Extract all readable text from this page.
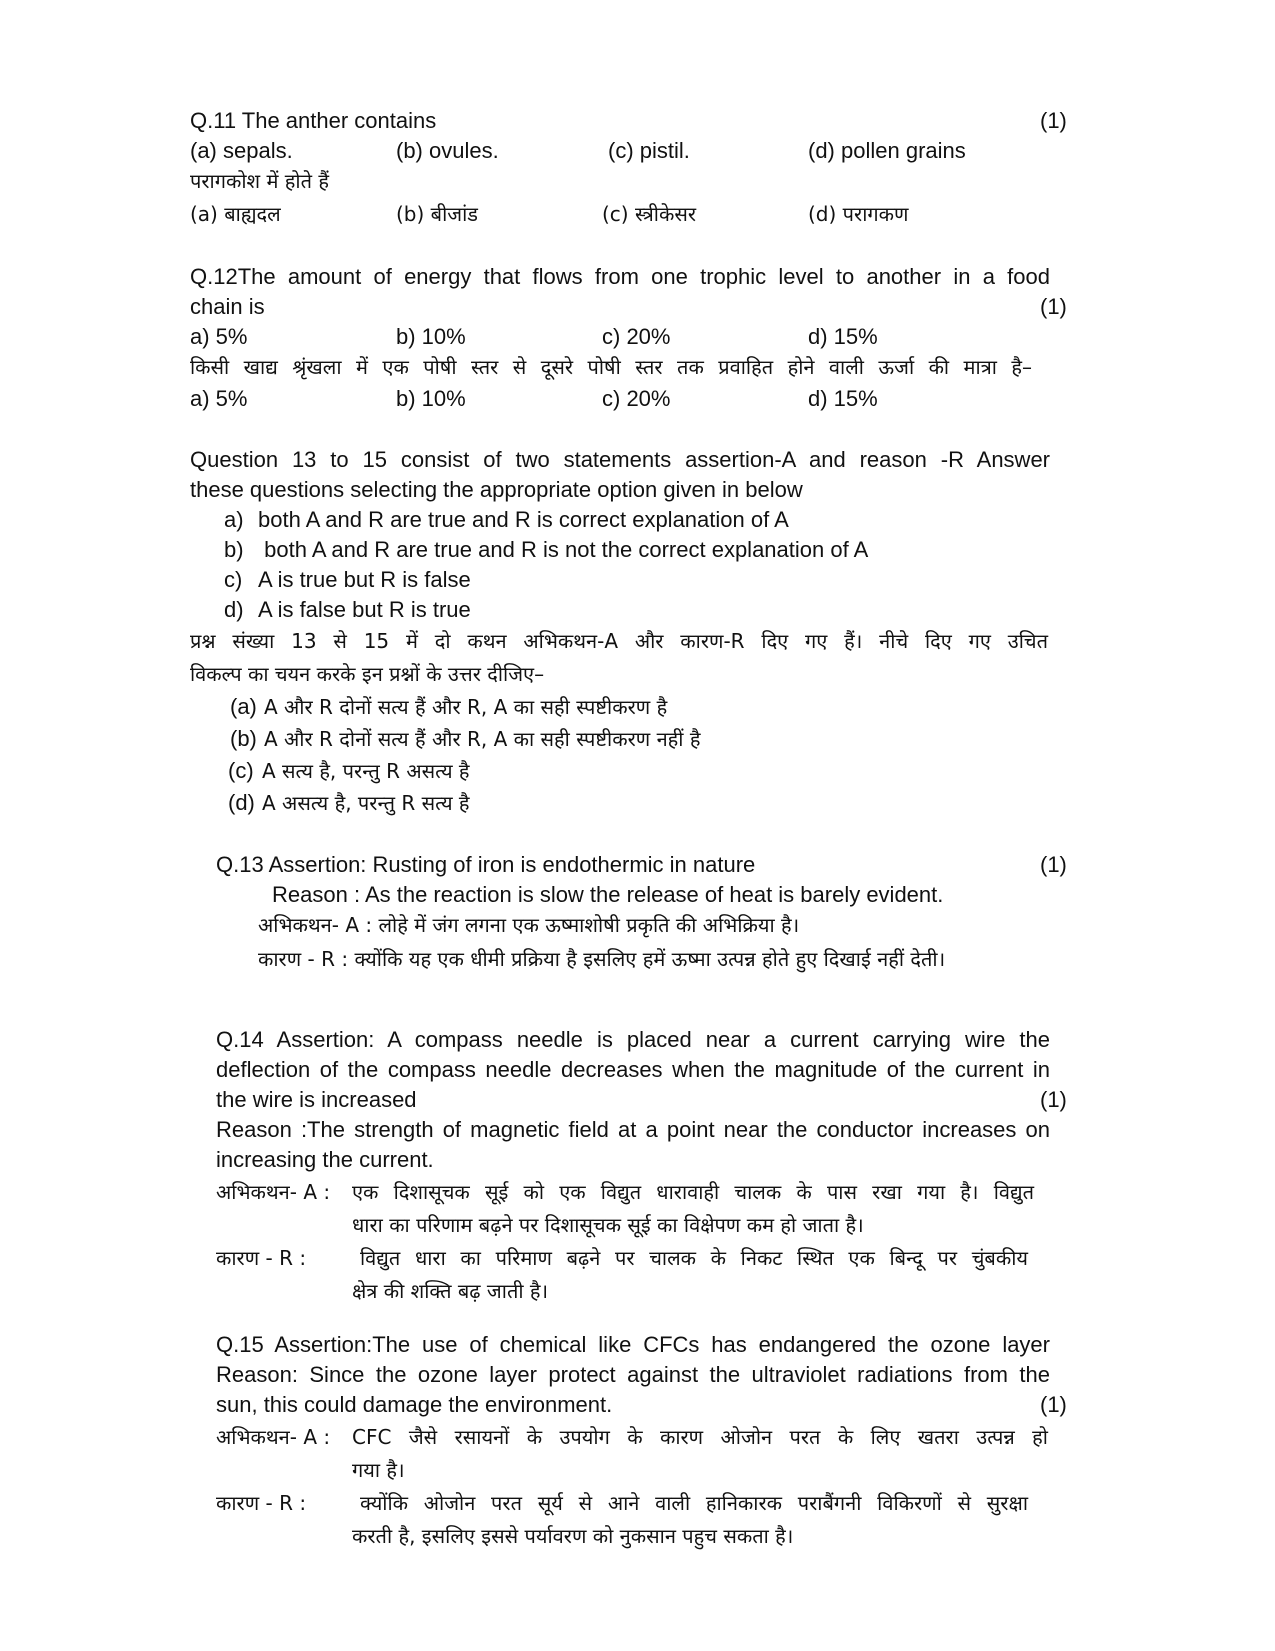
Q.11 The anther contains	(1)
(a) sepals.	(b) ovules.	(c) pistil.	(d) pollen grains
परागकोश में होते हैं
(a) बाह्यदल	(b) बीजांड	(c) स्त्रीकेसर	(d) परागकण
Q.12The amount of energy that flows from one trophic level to another in a food
chain is	(1)
a) 5%	b) 10%	c) 20%	d) 15%
किसी खाद्य श्रृंखला में एक पोषी स्तर से दूसरे पोषी स्तर तक प्रवाहित होने वाली ऊर्जा की मात्रा है–
a) 5%	b) 10%	c) 20%	d) 15%
Question 13 to 15 consist of two statements assertion-A and reason -R Answer
these questions selecting the appropriate option given in below
a) both A and R are true and R is correct explanation of A
b) both A and R are true and R is not the correct explanation of A
c) A is true but R is false
d) A is false but R is true
प्रश्न संख्या 13 से 15 में दो कथन अभिकथन-A और कारण-R दिए गए हैं। नीचे दिए गए उचित
विकल्प का चयन करके इन प्रश्नों के उत्तर दीजिए–
(a) A और R दोनों सत्य हैं और R, A का सही स्पष्टीकरण है
(b) A और R दोनों सत्य हैं और R, A का सही स्पष्टीकरण नहीं है
(c) A सत्य है, परन्तु R असत्य है
(d) A असत्य है, परन्तु R सत्य है
Q.13 Assertion: Rusting of iron is endothermic in nature	(1)
Reason : As the reaction is slow the release of heat is barely evident.
अभिकथन- A : लोहे में जंग लगना एक ऊष्माशोषी प्रकृति की अभिक्रिया है।
कारण - R : क्योंकि यह एक धीमी प्रक्रिया है इसलिए हमें ऊष्मा उत्पन्न होते हुए दिखाई नहीं देती।
Q.14 Assertion: A compass needle is placed near a current carrying wire the
deflection of the compass needle decreases when the magnitude of the current in
the wire is increased	(1)
Reason :The strength of magnetic field at a point near the conductor increases on
increasing the current.
अभिकथन- A : एक दिशासूचक सूई को एक विद्युत धारावाही चालक के पास रखा गया है। विद्युत
धारा का परिणाम बढ़ने पर दिशासूचक सूई का विक्षेपण कम हो जाता है।
कारण - R :	विद्युत धारा का परिमाण बढ़ने पर चालक के निकट स्थित एक बिन्दू पर चुंबकीय
क्षेत्र की शक्ति बढ़ जाती है।
Q.15 Assertion:The use of chemical like CFCs has endangered the ozone layer
Reason: Since the ozone layer protect against the ultraviolet radiations from the
sun, this could damage the environment.	(1)
अभिकथन- A : CFC जैसे रसायनों के उपयोग के कारण ओजोन परत के लिए खतरा उत्पन्न हो
गया है।
कारण - R :	क्योंकि ओजोन परत सूर्य से आने वाली हानिकारक पराबैंगनी विकिरणों से सुरक्षा
करती है, इसलिए इससे पर्यावरण को नुकसान पहुच सकता है।
